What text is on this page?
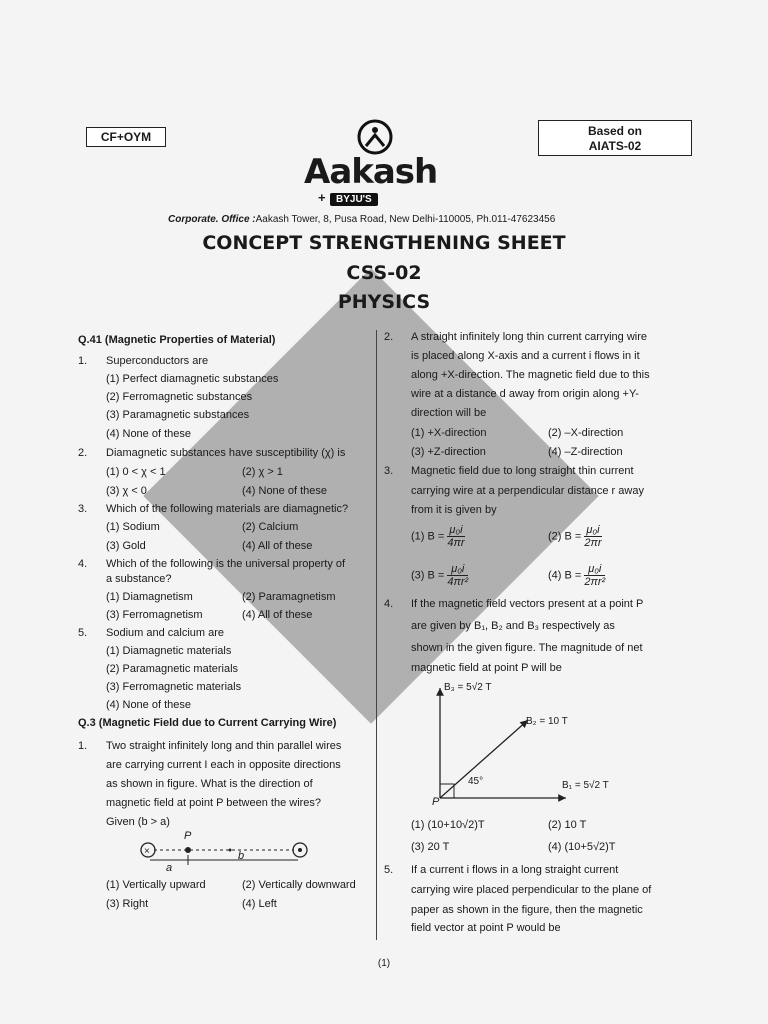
CF+OYM	Based on
AIATS-02
Aakash
+	BYJU'S
Corporate. Office :Aakash Tower, 8, Pusa Road, New Delhi-110005, Ph.011-47623456
CONCEPT STRENGTHENING SHEET
CSS-02
PHYSICS
Q.41 (Magnetic Properties of Material)
1. Superconductors are
(1) Perfect diamagnetic substances
(2) Ferromagnetic substances
(3) Paramagnetic substances
(4) None of these
2. Diamagnetic substances have susceptibility (χ) is
(1) 0 < χ < 1	(2) χ > 1
(3) χ < 0	(4) None of these
3. Which of the following materials are diamagnetic?
(1) Sodium	(2) Calcium
(3) Gold	(4) All of these
4. Which of the following is the universal property of
a substance?
(1) Diamagnetism	(2) Paramagnetism
(3) Ferromagnetism	(4) All of these
5. Sodium and calcium are
(1) Diamagnetic materials
(2) Paramagnetic materials
(3) Ferromagnetic materials
(4) None of these
Q.3 (Magnetic Field due to Current Carrying Wire)
1. Two straight infinitely long and thin parallel wires
are carrying current I each in opposite directions
as shown in figure. What is the direction of
magnetic field at point P between the wires?
Given (b > a)
×
P
a
b
(1) Vertically upward	(2) Vertically downward
(3) Right	(4) Left
2. A straight infinitely long thin current carrying wire
is placed along X-axis and a current i flows in it
along +X-direction. The magnetic field due to this
wire at a distance d away from origin along +Y-
direction will be
(1) +X-direction	(2) –X-direction
(3) +Z-direction	(4) –Z-direction
3. Magnetic field due to long straight thin current
carrying wire at a perpendicular distance r away
from it is given by
(1) $B = \frac{\text{μ₀i}}{4\pi r}$	(2) $B = \frac{\text{μ₀i}}{2\pi r}$
(3) $B = \frac{\text{μ₀i}}{\text{4πr²}}$	(4) $B = \frac{\text{μ₀i}}{\text{2πr²}}$
4. If the magnetic field vectors present at a point P
are given by B₁, B₂ and B₃ respectively as
shown in the given figure. The magnitude of net
magnetic field at point P will be
B₃ = 5√2 T
B₂ = 10 T
B₁ = 5√2 T
45°
P
(1) (10+10√2)T	(2) 10 T
(3) 20 T	(4) (10+5√2)T
5. If a current i flows in a long straight current
carrying wire placed perpendicular to the plane of
paper as shown in the figure, then the magnetic
field vector at point P would be
(1)
